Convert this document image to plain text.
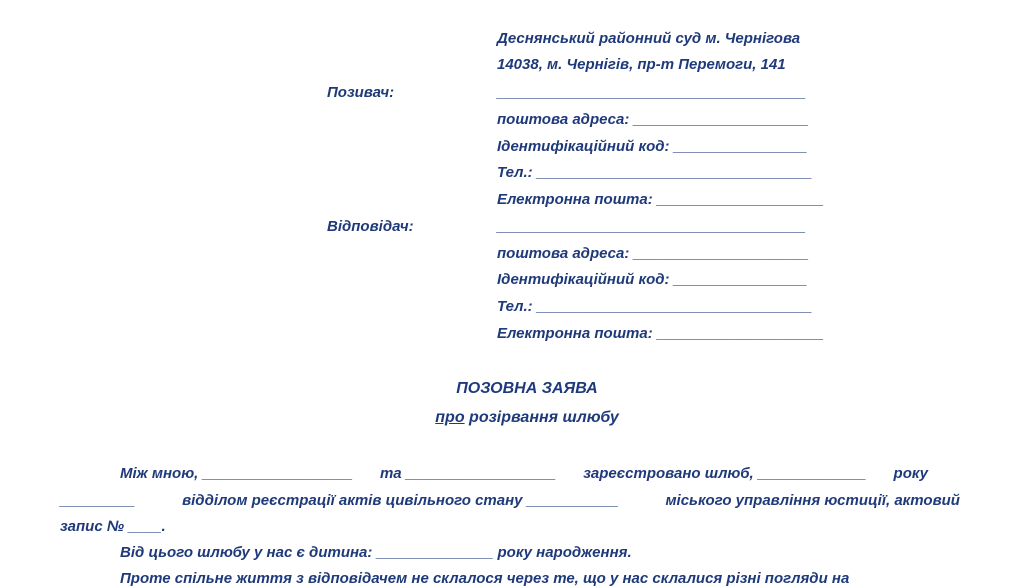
Деснянський районний суд м. Чернігова
14038, м. Чернігів, пр-т Перемоги, 141
Позивач:	_____________________________________
поштова адреса: _____________________
Ідентифікаційний код: ________________
Тел.: _________________________________
Електронна пошта: ____________________
Відповідач:	_____________________________________
поштова адреса: _____________________
Ідентифікаційний код: ________________
Тел.: _________________________________
Електронна пошта: ____________________
ПОЗОВНА ЗАЯВА
про розірвання шлюбу
Між мною, __________________ та __________________ зареєстровано шлюб, _____________ року
_________	відділом реєстрації актів цивільного стану ___________	міського управління юстиції, актовий
запис № ____.
Від цього шлюбу у нас є дитина: ______________ року народження.
Проте спільне життя з відповідачем не склалося через те, що у нас склалися різні погляди на
